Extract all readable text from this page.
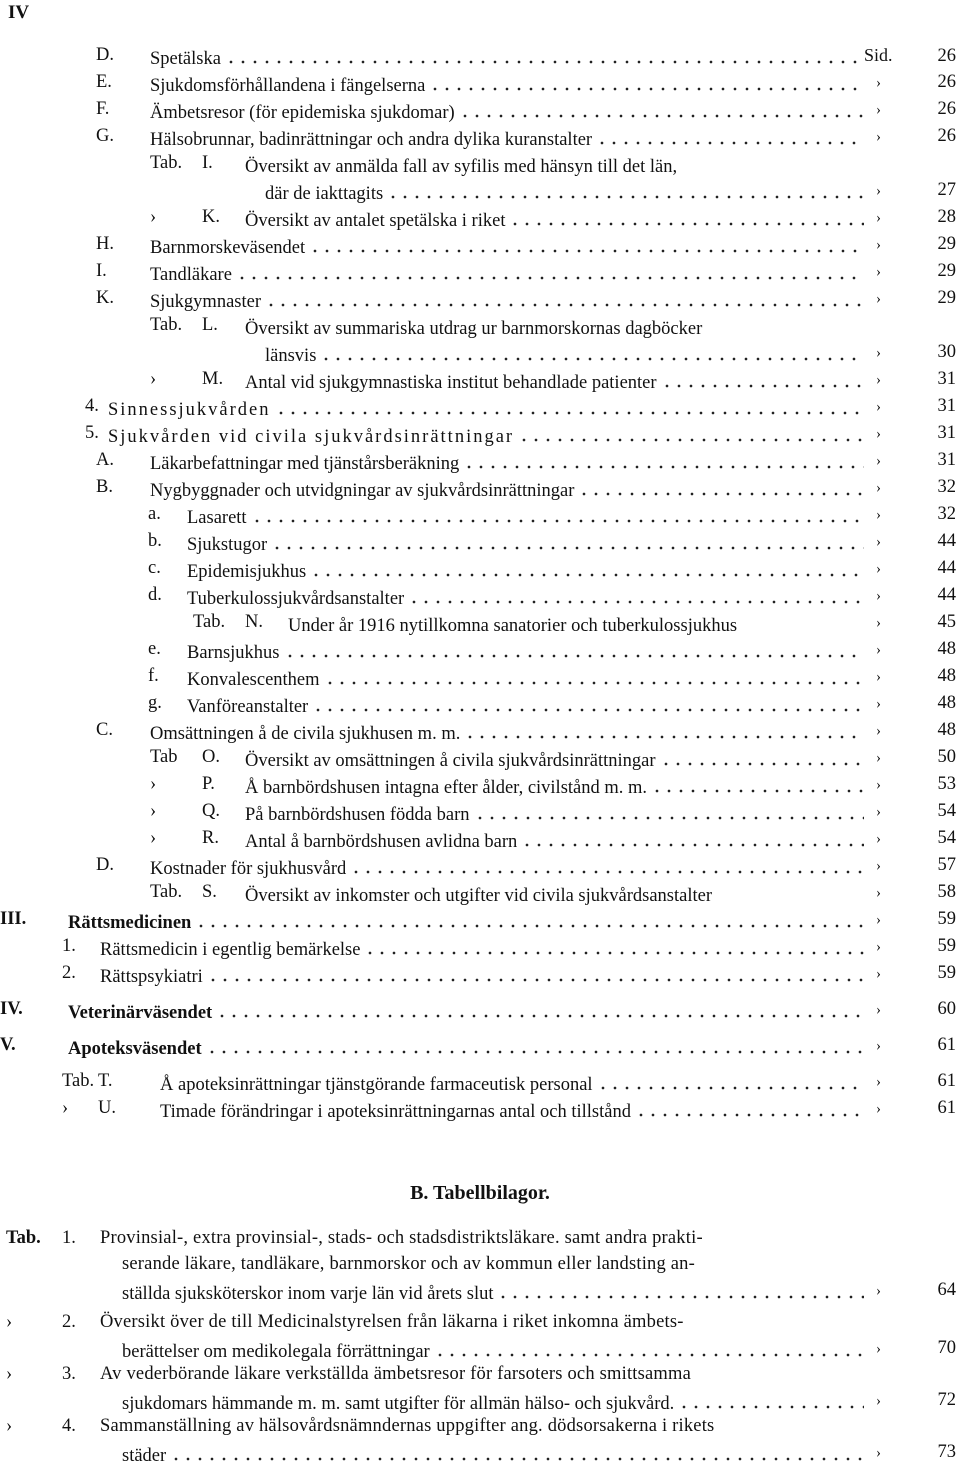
IV
D. Spetälska	Sid.	26
E. Sjukdomsförhållandena i fängelserna	›	26
F. Ämbetsresor (för epidemiska sjukdomar)	›	26
G. Hälsobrunnar, badinrättningar och andra dylika kuranstalter	›	26
Tab. I. Översikt av anmälda fall av syfilis med hänsyn till det län,
där de iakttagits	›	27
› K. Översikt av antalet spetälska i riket	›	28
H. Barnmorskeväsendet	›	29
I. Tandläkare	›	29
K. Sjukgymnaster	›	29
Tab. L. Översikt av summariska utdrag ur barnmorskornas dagböcker
länsvis	›	30
› M. Antal vid sjukgymnastiska institut behandlade patienter	›	31
4. Sinnessjukvården	›	31
5. Sjukvården vid civila sjukvårdsinrättningar	›	31
A. Läkarbefattningar med tjänstårsberäkning	›	31
B. Nygbyggnader och utvidgningar av sjukvårdsinrättningar	›	32
a. Lasarett	›	32
b. Sjukstugor	›	44
c. Epidemisjukhus	›	44
d. Tuberkulossjukvårdsanstalter	›	44
Tab. N. Under år 1916 nytillkomna sanatorier och tuberkulossjukhus	›	45
e. Barnsjukhus	›	48
f. Konvalescenthem	›	48
g. Vanföreanstalter	›	48
C. Omsättningen å de civila sjukhusen m. m.	›	48
Tab O. Översikt av omsättningen å civila sjukvårdsinrättningar	›	50
› P. Å barnbördshusen intagna efter ålder, civilstånd m. m.	›	53
› Q. På barnbördshusen födda barn	›	54
› R. Antal å barnbördshusen avlidna barn	›	54
D. Kostnader för sjukhusvård	›	57
Tab. S. Översikt av inkomster och utgifter vid civila sjukvårdsanstalter	›	58
III. Rättsmedicinen	›	59
1. Rättsmedicin i egentlig bemärkelse	›	59
2. Rättspsykiatri	›	59
IV. Veterinärväsendet	›	60
V.	Apoteksväsendet	›	61
Tab. T.	Å apoteksinrättningar tjänstgörande farmaceutisk personal	›	61
› U. Timade förändringar i apoteksinrättningarnas antal och tillstånd	›	61
B. Tabellbilagor.
Tab. 1. Provinsial-, extra provinsial-, stads- och stadsdistriktsläkare. samt andra prakti-
serande läkare, tandläkare, barnmorskor och av kommun eller landsting an-
ställda sjuksköterskor inom varje län vid årets slut	›	64
›	2. Översikt över de till Medicinalstyrelsen från läkarna i riket inkomna ämbets-
berättelser om medikolegala förrättningar	›	70
›	3. Av vederbörande läkare verkställda ämbetsresor för farsoters och smittsamma
sjukdomars hämmande m. m. samt utgifter för allmän hälso- och sjukvård.	›	72
›	4. Sammanställning av hälsovårdsnämndernas uppgifter ang. dödsorsakerna i rikets
städer	›	73
